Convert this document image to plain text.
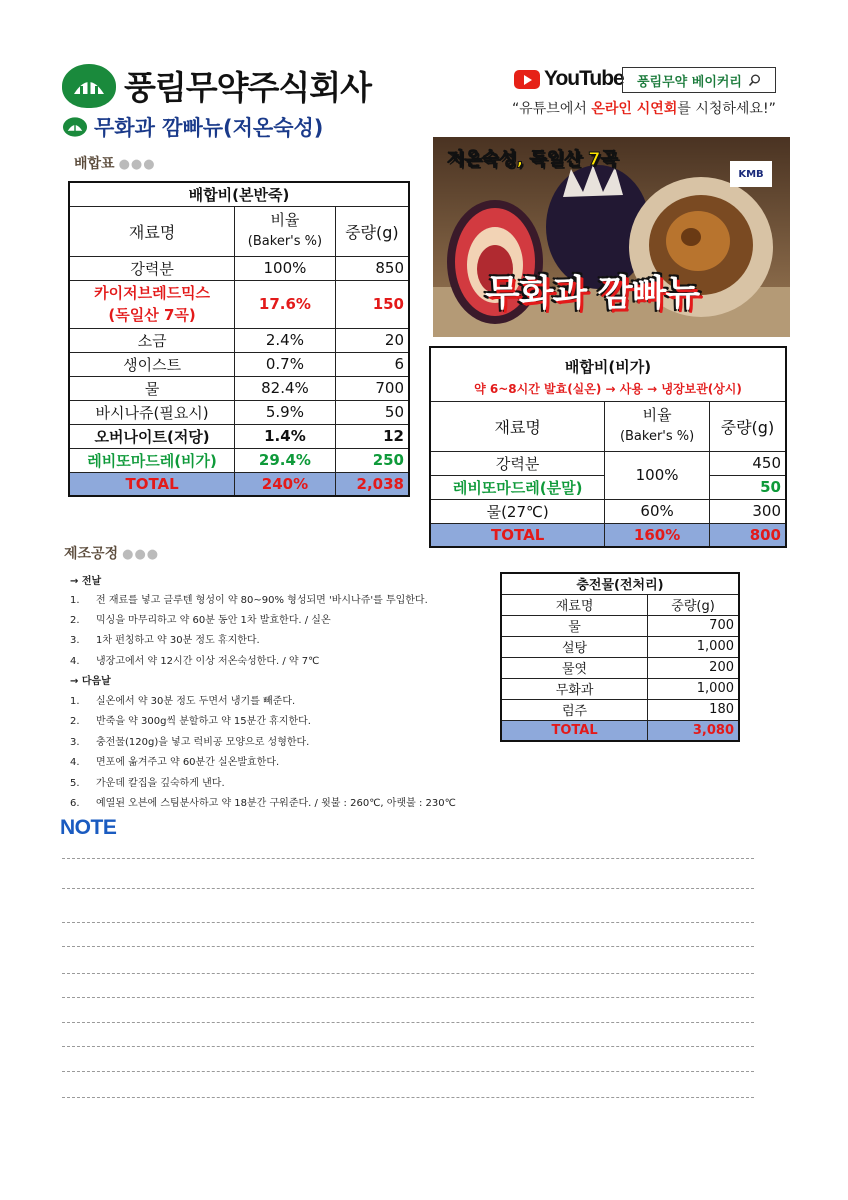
풍림무약주식회사
무화과 깜빠뉴(저온숙성)
YouTube 풍림무약 베이커리
“유튜브에서 온라인 시연회를 시청하세요!”
배합표 ●●●
배합비(본반죽)		
재료명	비율
(Baker's %)	중량(g)
강력분	100%	850

카이저브레드믹스
(독일산 7곡)	17.6%	150
소금	2.4%	20
생이스트	0.7%	6
물	82.4%	700
바시나쥬(필요시)	5.9%	50
오버나이트(저당)	1.4%	12
레비또마드레(비가)	29.4%	250
TOTAL	240%	2,038
저온숙성, 독일산 7곡
KMB
무화과 깜빠뉴
배합비(비가)		
약 6~8시간 발효(실온) → 사용 → 냉장보관(상시)		
재료명	비율
(Baker's %)	중량(g)
강력분	100%	450
레비또마드레(분말)		50
물(27℃)	60%	300
TOTAL	160%	800
제조공정 ●●●
→ 전날
1. 전 재료를 넣고 글루텐 형성이 약 80~90% 형성되면 '바시나쥬'를 투입한다.
2. 믹싱을 마무리하고 약 60분 동안 1차 발효한다. / 실온
3. 1차 펀칭하고 약 30분 정도 휴지한다.
4. 냉장고에서 약 12시간 이상 저온숙성한다. / 약 7℃
→ 다음날
1. 실온에서 약 30분 정도 두면서 냉기를 빼준다.
2. 반죽을 약 300g씩 분할하고 약 15분간 휴지한다.
3. 충전물(120g)을 넣고 럭비공 모양으로 성형한다.
4. 면포에 옮겨주고 약 60분간 실온발효한다.
5. 가운데 칼집을 깊숙하게 낸다.
6. 예열된 오븐에 스팀분사하고 약 18분간 구워준다. / 윗불 : 260℃, 아랫불 : 230℃
충전물(전처리)	
재료명	중량(g)
물	700
설탕	1,000
물엿	200
무화과	1,000
럼주	180
TOTAL	3,080
NOTE
